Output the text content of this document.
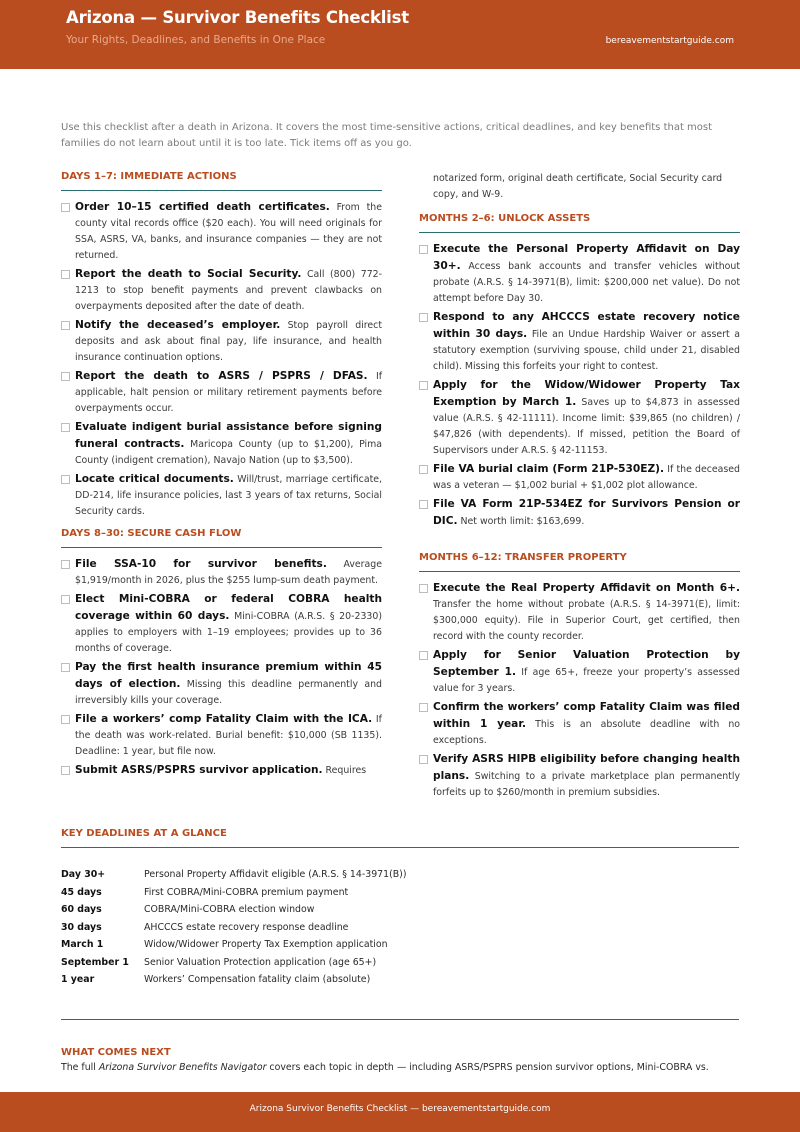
Arizona — Survivor Benefits Checklist
Your Rights, Deadlines, and Benefits in One Place	bereavementstartguide.com
Use this checklist after a death in Arizona. It covers the most time-sensitive actions, critical deadlines, and key benefits that most families do not learn about until it is too late. Tick items off as you go.
DAYS 1–7: IMMEDIATE ACTIONS
Order 10–15 certified death certificates. From the county vital records office ($20 each). You will need originals for SSA, ASRS, VA, banks, and insurance companies — they are not returned.
Report the death to Social Security. Call (800) 772-1213 to stop benefit payments and prevent clawbacks on overpayments deposited after the date of death.
Notify the deceased’s employer. Stop payroll direct deposits and ask about final pay, life insurance, and health insurance continuation options.
Report the death to ASRS / PSPRS / DFAS. If applicable, halt pension or military retirement payments before overpayments occur.
Evaluate indigent burial assistance before signing funeral contracts. Maricopa County (up to $1,200), Pima County (indigent cremation), Navajo Nation (up to $3,500).
Locate critical documents. Will/trust, marriage certificate, DD-214, life insurance policies, last 3 years of tax returns, Social Security cards.
DAYS 8–30: SECURE CASH FLOW
File SSA-10 for survivor benefits. Average $1,919/month in 2026, plus the $255 lump-sum death payment.
Elect Mini-COBRA or federal COBRA health coverage within 60 days. Mini-COBRA (A.R.S. § 20-2330) applies to employers with 1–19 employees; provides up to 36 months of coverage.
Pay the first health insurance premium within 45 days of election. Missing this deadline permanently and irreversibly kills your coverage.
File a workers’ comp Fatality Claim with the ICA. If the death was work-related. Burial benefit: $10,000 (SB 1135). Deadline: 1 year, but file now.
Submit ASRS/PSPRS survivor application. Requires
notarized form, original death certificate, Social Security card copy, and W-9.
MONTHS 2–6: UNLOCK ASSETS
Execute the Personal Property Affidavit on Day 30+. Access bank accounts and transfer vehicles without probate (A.R.S. § 14-3971(B), limit: $200,000 net value). Do not attempt before Day 30.
Respond to any AHCCCS estate recovery notice within 30 days. File an Undue Hardship Waiver or assert a statutory exemption (surviving spouse, child under 21, disabled child). Missing this forfeits your right to contest.
Apply for the Widow/Widower Property Tax Exemption by March 1. Saves up to $4,873 in assessed value (A.R.S. § 42-11111). Income limit: $39,865 (no children) / $47,826 (with dependents). If missed, petition the Board of Supervisors under A.R.S. § 42-11153.
File VA burial claim (Form 21P-530EZ). If the deceased was a veteran — $1,002 burial + $1,002 plot allowance.
File VA Form 21P-534EZ for Survivors Pension or DIC. Net worth limit: $163,699.
MONTHS 6–12: TRANSFER PROPERTY
Execute the Real Property Affidavit on Month 6+. Transfer the home without probate (A.R.S. § 14-3971(E), limit: $300,000 equity). File in Superior Court, get certified, then record with the county recorder.
Apply for Senior Valuation Protection by September 1. If age 65+, freeze your property’s assessed value for 3 years.
Confirm the workers’ comp Fatality Claim was filed within 1 year. This is an absolute deadline with no exceptions.
Verify ASRS HIPB eligibility before changing health plans. Switching to a private marketplace plan permanently forfeits up to $260/month in premium subsidies.
KEY DEADLINES AT A GLANCE
Day 30+	Personal Property Affidavit eligible (A.R.S. § 14-3971(B))
45 days	First COBRA/Mini-COBRA premium payment
60 days	COBRA/Mini-COBRA election window
30 days	AHCCCS estate recovery response deadline
March 1	Widow/Widower Property Tax Exemption application
September 1	Senior Valuation Protection application (age 65+)
1 year	Workers’ Compensation fatality claim (absolute)
WHAT COMES NEXT
The full Arizona Survivor Benefits Navigator covers each topic in depth — including ASRS/PSPRS pension survivor options, Mini-COBRA vs.
Arizona Survivor Benefits Checklist — bereavementstartguide.com
